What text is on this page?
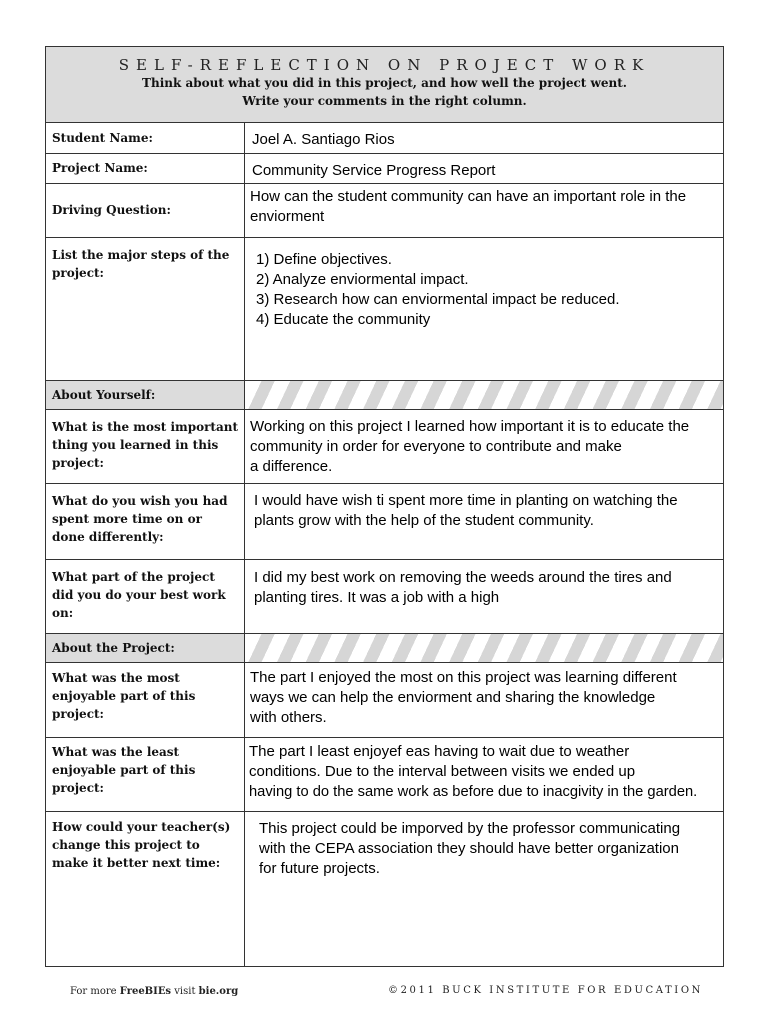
SELF-REFLECTION ON PROJECT WORK
Think about what you did in this project, and how well the project went.
Write your comments in the right column.
Student Name:	Joel A. Santiago Rios
Project Name:	Community Service Progress Report
Driving Question:
How can the student community can have an important role in the
enviorment
List the major steps of the project:
1) Define objectives.
2) Analyze enviormental impact.
3) Research how can enviormental impact be reduced.
4) Educate the community
About Yourself:
What is the most important thing you learned in this project:
Working on this project I learned how important it is to educate the
community in order for everyone to contribute and make
a difference.
What do you wish you had spent more time on or done differently:
I would have wish ti spent more time in planting on watching the
plants grow with the help of the student community.
What part of the project did you do your best work on:
I did my best work on removing the weeds around the tires and
planting tires. It was a job with a high
About the Project:
What was the most enjoyable part of this project:
The part I enjoyed the most on this project was learning different
ways we can help the enviorment and sharing the knowledge
with others.
What was the least enjoyable part of this project:
The part I least enjoyef eas having to wait due to weather
conditions. Due to the interval between visits we ended up
having to do the same work as before due to inacgivity in the garden.
How could your teacher(s) change this project to make it better next time:
This project could be imporved by the professor communicating
with the CEPA association they should have better organization
for future projects.
For more FreeBIEs visit bie.org	©2011 BUCK INSTITUTE FOR EDUCATION
